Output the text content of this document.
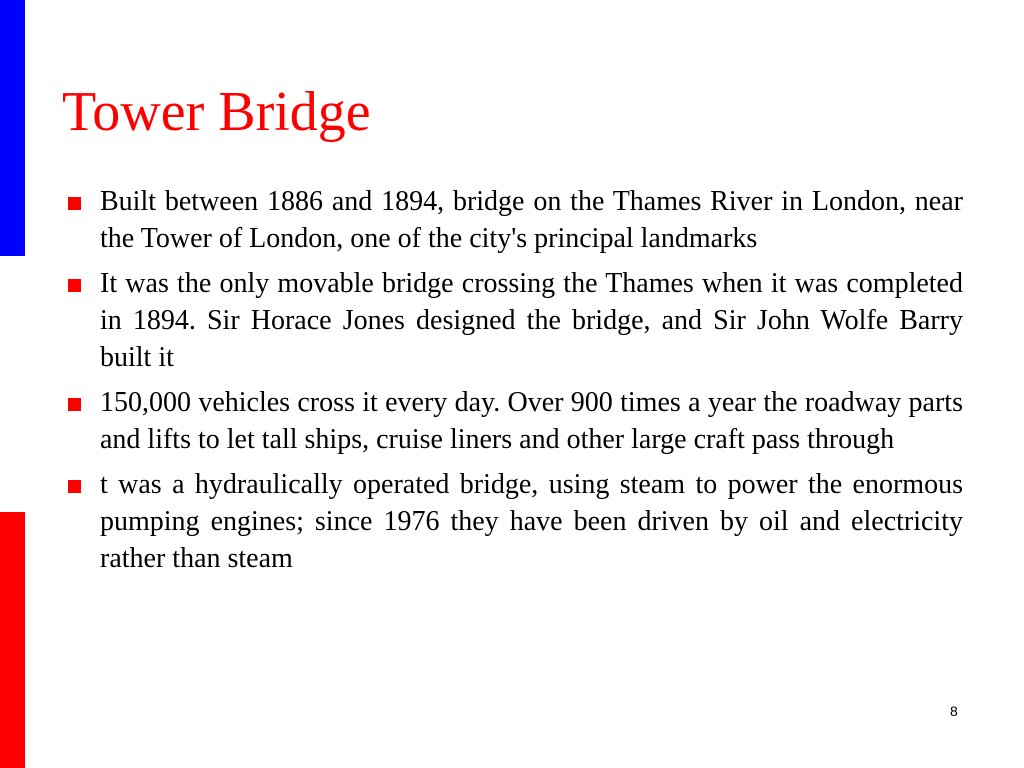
Tower Bridge
Built between 1886 and 1894, bridge on the Thames River in London, near the Tower of London, one of the city's principal landmarks
It was the only movable bridge crossing the Thames when it was completed in 1894. Sir Horace Jones designed the bridge, and Sir John Wolfe Barry built it
150,000 vehicles cross it every day. Over 900 times a year the roadway parts and lifts to let tall ships, cruise liners and other large craft pass through
t was a hydraulically operated bridge, using steam to power the enormous pumping engines; since 1976 they have been driven by oil and electricity rather than steam
8
